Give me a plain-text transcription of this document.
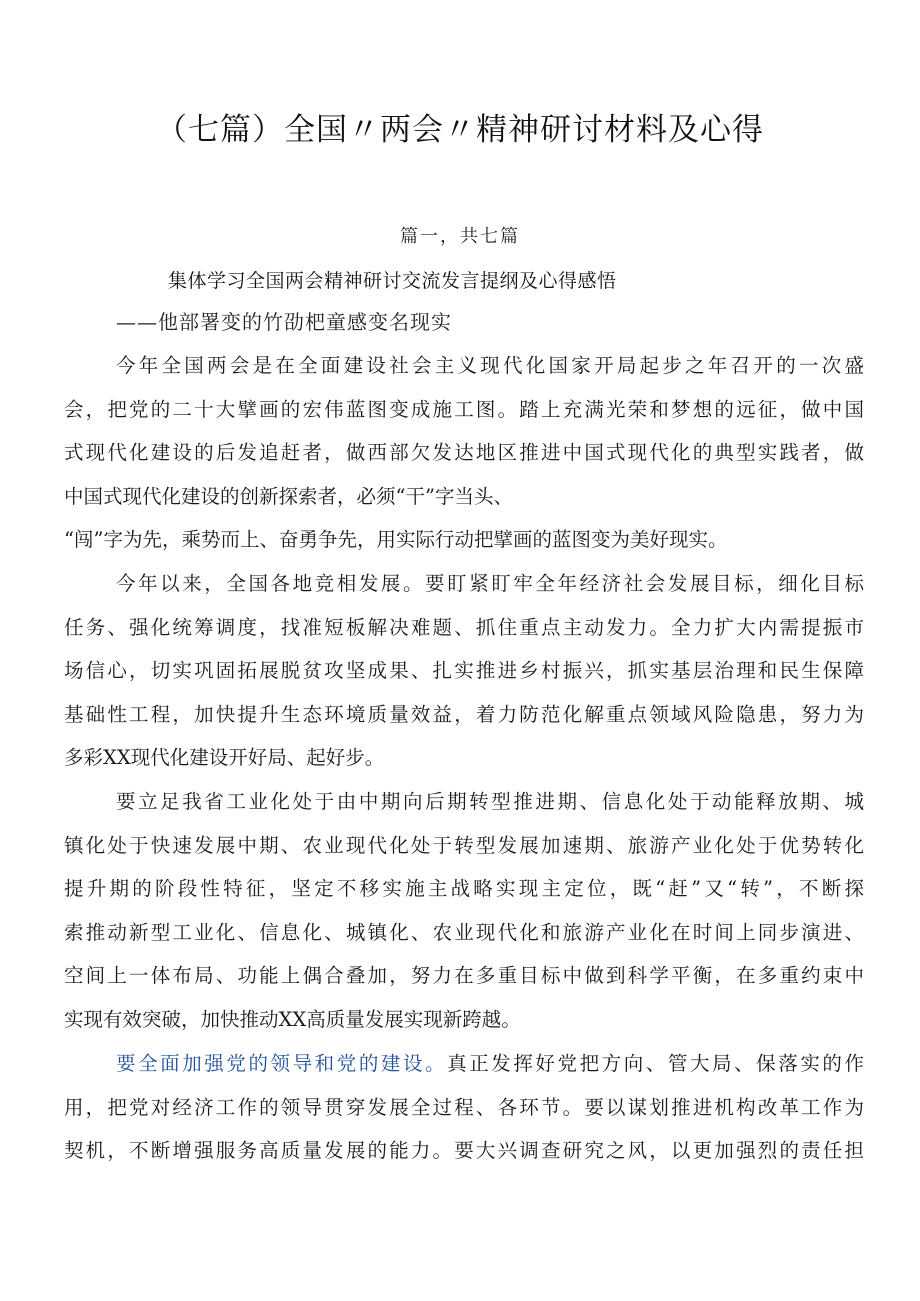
（七篇）全国〃两会〃精神研讨材料及心得
篇一，共七篇
集体学习全国两会精神研讨交流发言提纲及心得感悟
——他部署变的竹劭杷童感变名现实

今年全国两会是在全面建设社会主义现代化国家开局起步之年召开的一次盛
会，把党的二十大擘画的宏伟蓝图变成施工图。踏上充满光荣和梦想的远征，做中国
式现代化建设的后发追赶者，做西部欠发达地区推进中国式现代化的典型实践者，做
中国式现代化建设的创新探索者，必须“干”字当头、
“闯”字为先，乘势而上、奋勇争先，用实际行动把擘画的蓝图变为美好现实。

今年以来，全国各地竞相发展。要盯紧盯牢全年经济社会发展目标，细化目标
任务、强化统筹调度，找准短板解决难题、抓住重点主动发力。全力扩大内需提振市
场信心，切实巩固拓展脱贫攻坚成果、扎实推进乡村振兴，抓实基层治理和民生保障
基础性工程，加快提升生态环境质量效益，着力防范化解重点领域风险隐患，努力为
多彩XX现代化建设开好局、起好步。

要立足我省工业化处于由中期向后期转型推进期、信息化处于动能释放期、城
镇化处于快速发展中期、农业现代化处于转型发展加速期、旅游产业化处于优势转化
提升期的阶段性特征，坚定不移实施主战略实现主定位，既“赶”又“转”，不断探
索推动新型工业化、信息化、城镇化、农业现代化和旅游产业化在时间上同步演进、
空间上一体布局、功能上偶合叠加，努力在多重目标中做到科学平衡，在多重约束中
实现有效突破，加快推动XX高质量发展实现新跨越。

要全面加强党的领导和党的建设。真正发挥好党把方向、管大局、保落实的作
用，把党对经济工作的领导贯穿发展全过程、各环节。要以谋划推进机构改革工作为
契机，不断增强服务高质量发展的能力。要大兴调查研究之风，以更加强烈的责任担
